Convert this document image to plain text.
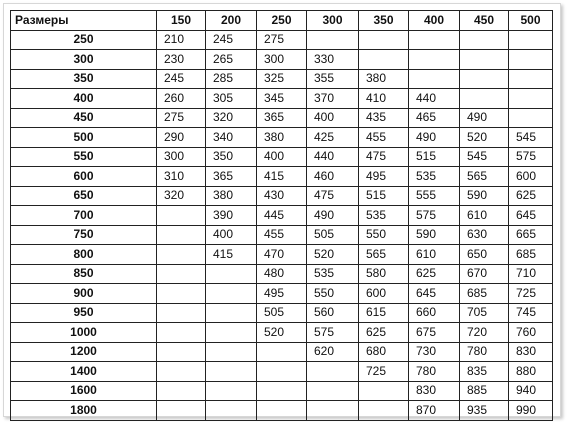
Размеры	150	200	250	300	350	400	450	500
250	210	245	275					
300	230	265	300	330				
350	245	285	325	355	380			
400	260	305	345	370	410	440		
450	275	320	365	400	435	465	490	
500	290	340	380	425	455	490	520	545
550	300	350	400	440	475	515	545	575
600	310	365	415	460	495	535	565	600
650	320	380	430	475	515	555	590	625
700		390	445	490	535	575	610	645
750		400	455	505	550	590	630	665
800		415	470	520	565	610	650	685
850			480	535	580	625	670	710
900			495	550	600	645	685	725
950			505	560	615	660	705	745
1000			520	575	625	675	720	760
1200				620	680	730	780	830
1400					725	780	835	880
1600						830	885	940
1800						870	935	990
